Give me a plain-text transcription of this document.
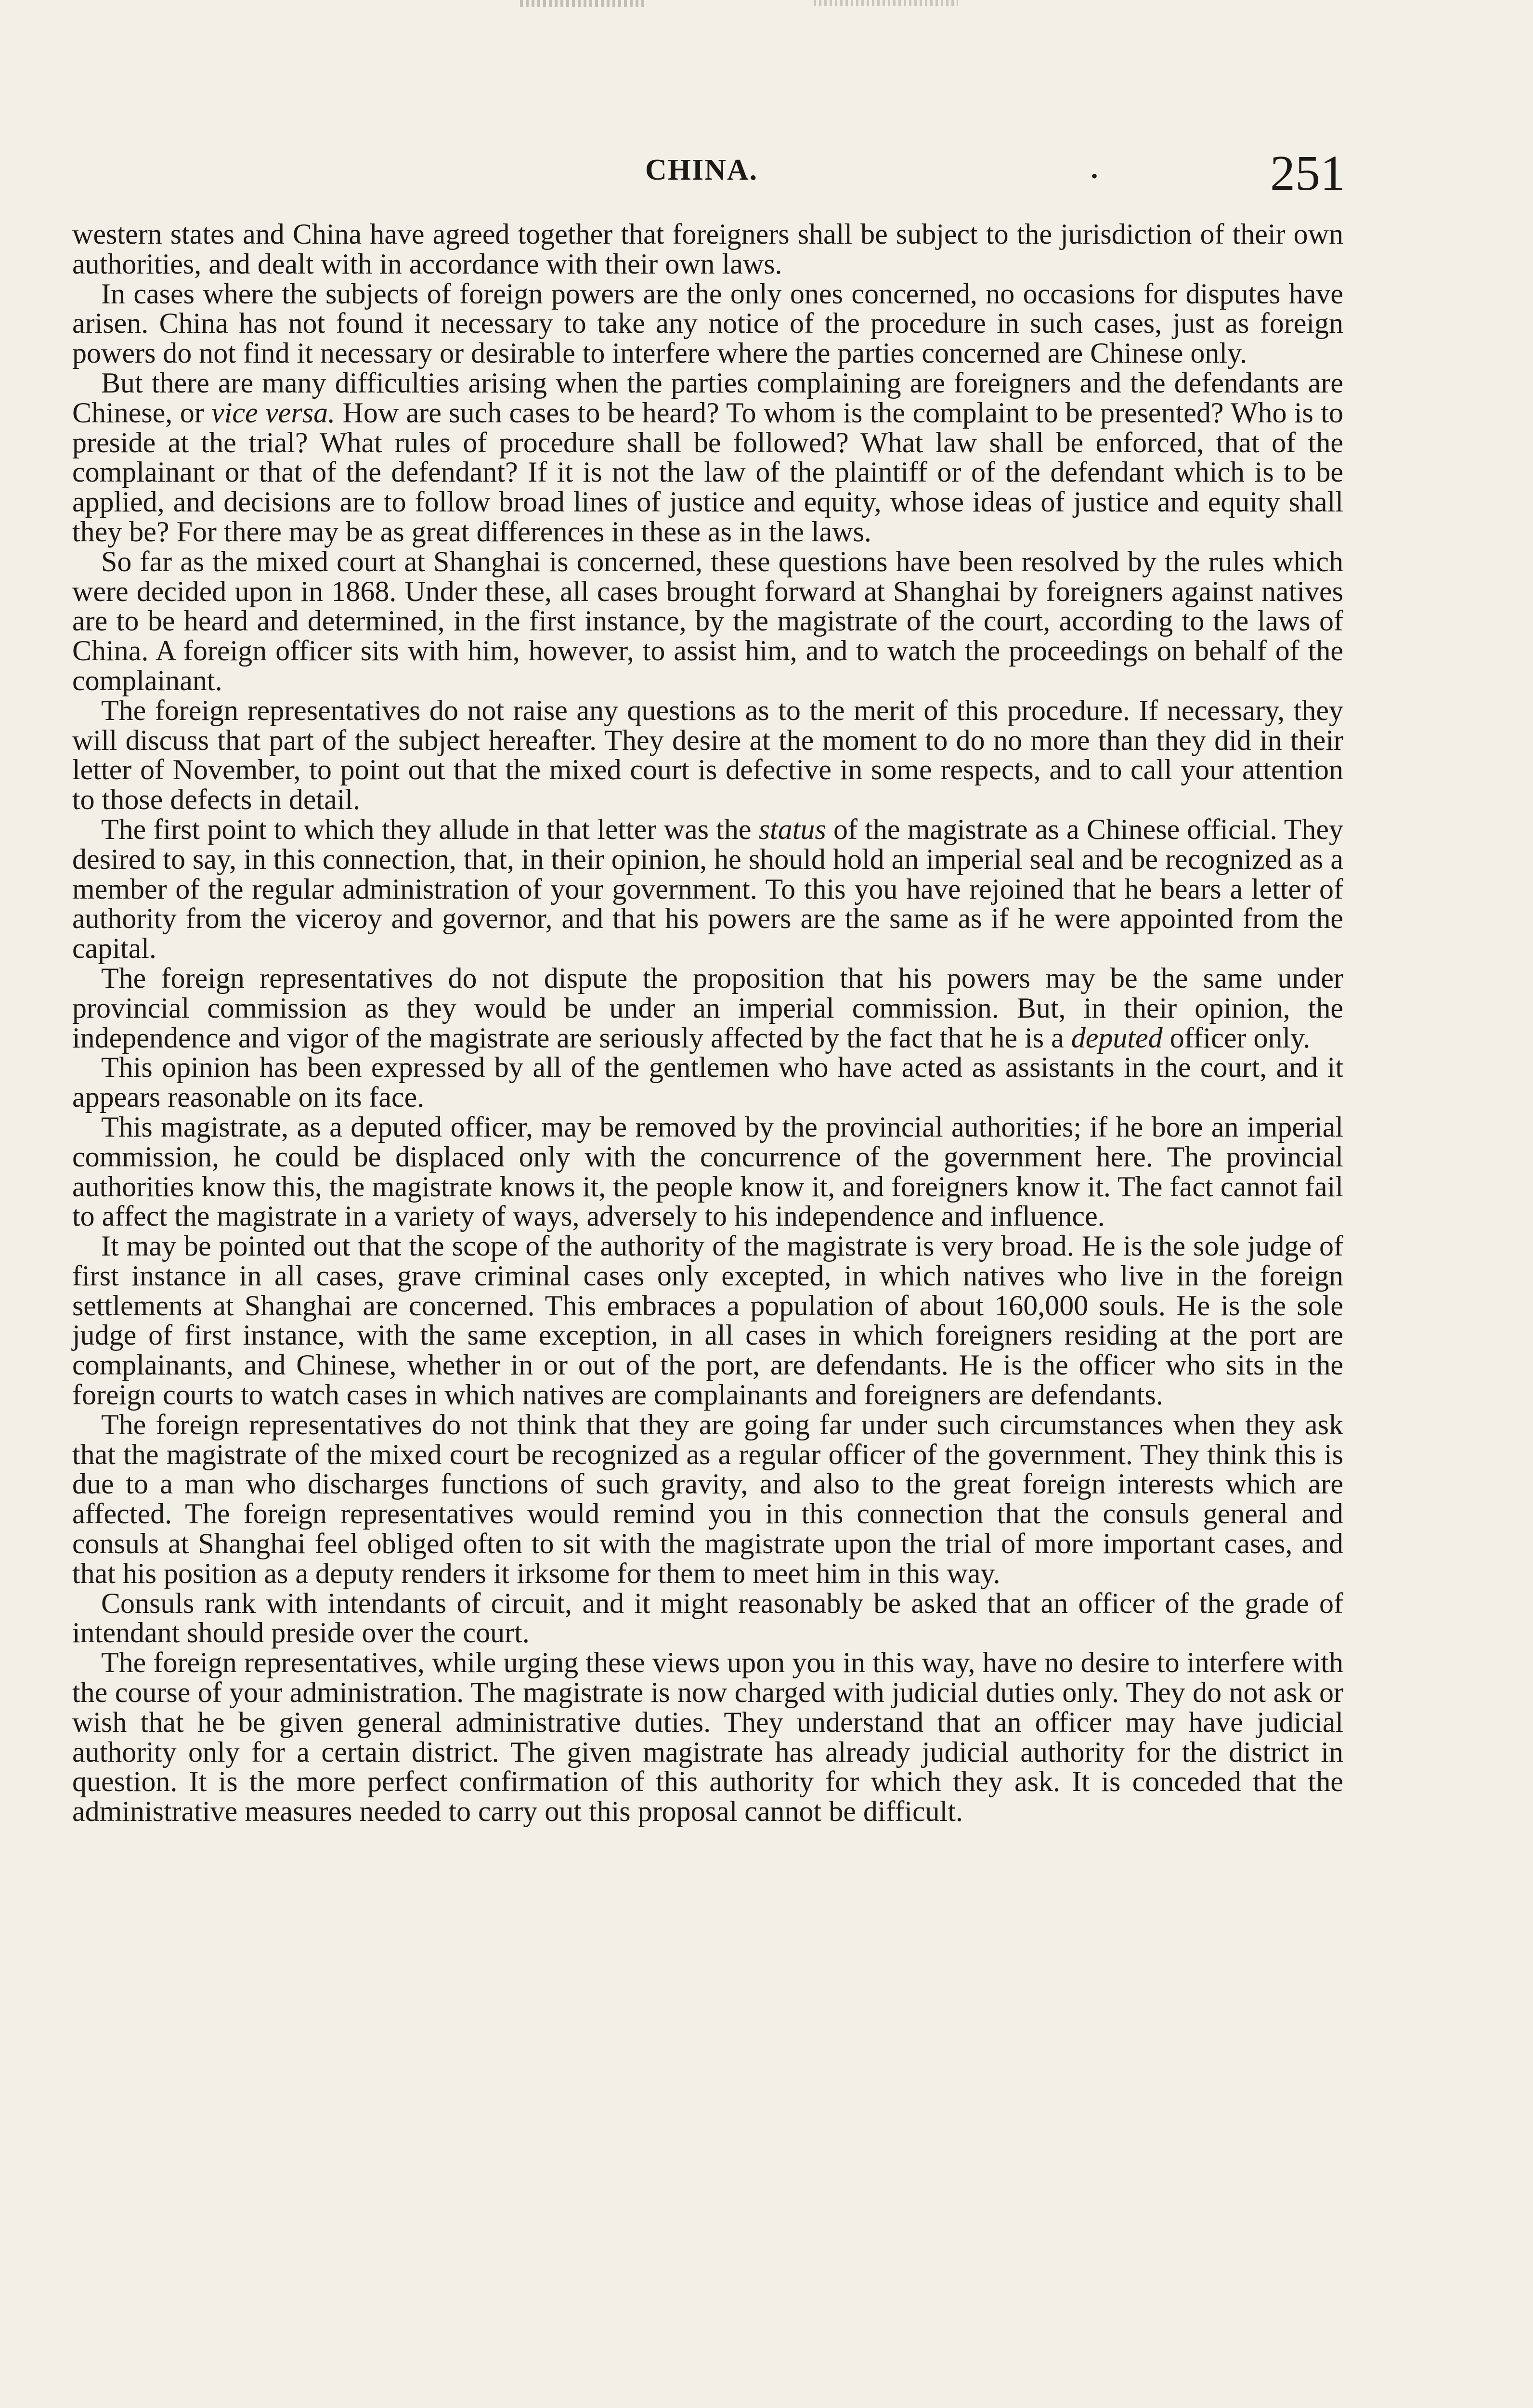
CHINA.	•	251

western states and China have agreed together that foreigners shall be subject to the jurisdiction of their own authorities, and dealt with in accordance with their own laws.

In cases where the subjects of foreign powers are the only ones concerned, no occasions for disputes have arisen. China has not found it necessary to take any notice of the procedure in such cases, just as foreign powers do not find it necessary or desirable to interfere where the parties concerned are Chinese only.

But there are many difficulties arising when the parties complaining are foreigners and the defendants are Chinese, or vice versa. How are such cases to be heard? To whom is the complaint to be presented? Who is to preside at the trial? What rules of procedure shall be followed? What law shall be enforced, that of the complainant or that of the defendant? If it is not the law of the plaintiff or of the defendant which is to be applied, and decisions are to follow broad lines of justice and equity, whose ideas of justice and equity shall they be? For there may be as great differences in these as in the laws.

So far as the mixed court at Shanghai is concerned, these questions have been resolved by the rules which were decided upon in 1868. Under these, all cases brought forward at Shanghai by foreigners against natives are to be heard and determined, in the first instance, by the magistrate of the court, according to the laws of China. A foreign officer sits with him, however, to assist him, and to watch the proceedings on behalf of the complainant.

The foreign representatives do not raise any questions as to the merit of this procedure. If necessary, they will discuss that part of the subject hereafter. They desire at the moment to do no more than they did in their letter of November, to point out that the mixed court is defective in some respects, and to call your attention to those defects in detail.

The first point to which they allude in that letter was the status of the magistrate as a Chinese official. They desired to say, in this connection, that, in their opinion, he should hold an imperial seal and be recognized as a member of the regular administration of your government. To this you have rejoined that he bears a letter of authority from the viceroy and governor, and that his powers are the same as if he were appointed from the capital.

The foreign representatives do not dispute the proposition that his powers may be the same under provincial commission as they would be under an imperial commission. But, in their opinion, the independence and vigor of the magistrate are seriously affected by the fact that he is a deputed officer only.

This opinion has been expressed by all of the gentlemen who have acted as assistants in the court, and it appears reasonable on its face.

This magistrate, as a deputed officer, may be removed by the provincial authorities; if he bore an imperial commission, he could be displaced only with the concurrence of the government here. The provincial authorities know this, the magistrate knows it, the people know it, and foreigners know it. The fact cannot fail to affect the magistrate in a variety of ways, adversely to his independence and influence.

It may be pointed out that the scope of the authority of the magistrate is very broad. He is the sole judge of first instance in all cases, grave criminal cases only excepted, in which natives who live in the foreign settlements at Shanghai are concerned. This embraces a population of about 160,000 souls. He is the sole judge of first instance, with the same exception, in all cases in which foreigners residing at the port are complainants, and Chinese, whether in or out of the port, are defendants. He is the officer who sits in the foreign courts to watch cases in which natives are complainants and foreigners are defendants.

The foreign representatives do not think that they are going far under such circumstances when they ask that the magistrate of the mixed court be recognized as a regular officer of the government. They think this is due to a man who discharges functions of such gravity, and also to the great foreign interests which are affected. The foreign representatives would remind you in this connection that the consuls general and consuls at Shanghai feel obliged often to sit with the magistrate upon the trial of more important cases, and that his position as a deputy renders it irksome for them to meet him in this way.

Consuls rank with intendants of circuit, and it might reasonably be asked that an officer of the grade of intendant should preside over the court.

The foreign representatives, while urging these views upon you in this way, have no desire to interfere with the course of your administration. The magistrate is now charged with judicial duties only. They do not ask or wish that he be given general administrative duties. They understand that an officer may have judicial authority only for a certain district. The given magistrate has already judicial authority for the district in question. It is the more perfect confirmation of this authority for which they ask. It is conceded that the administrative measures needed to carry out this proposal cannot be difficult.
